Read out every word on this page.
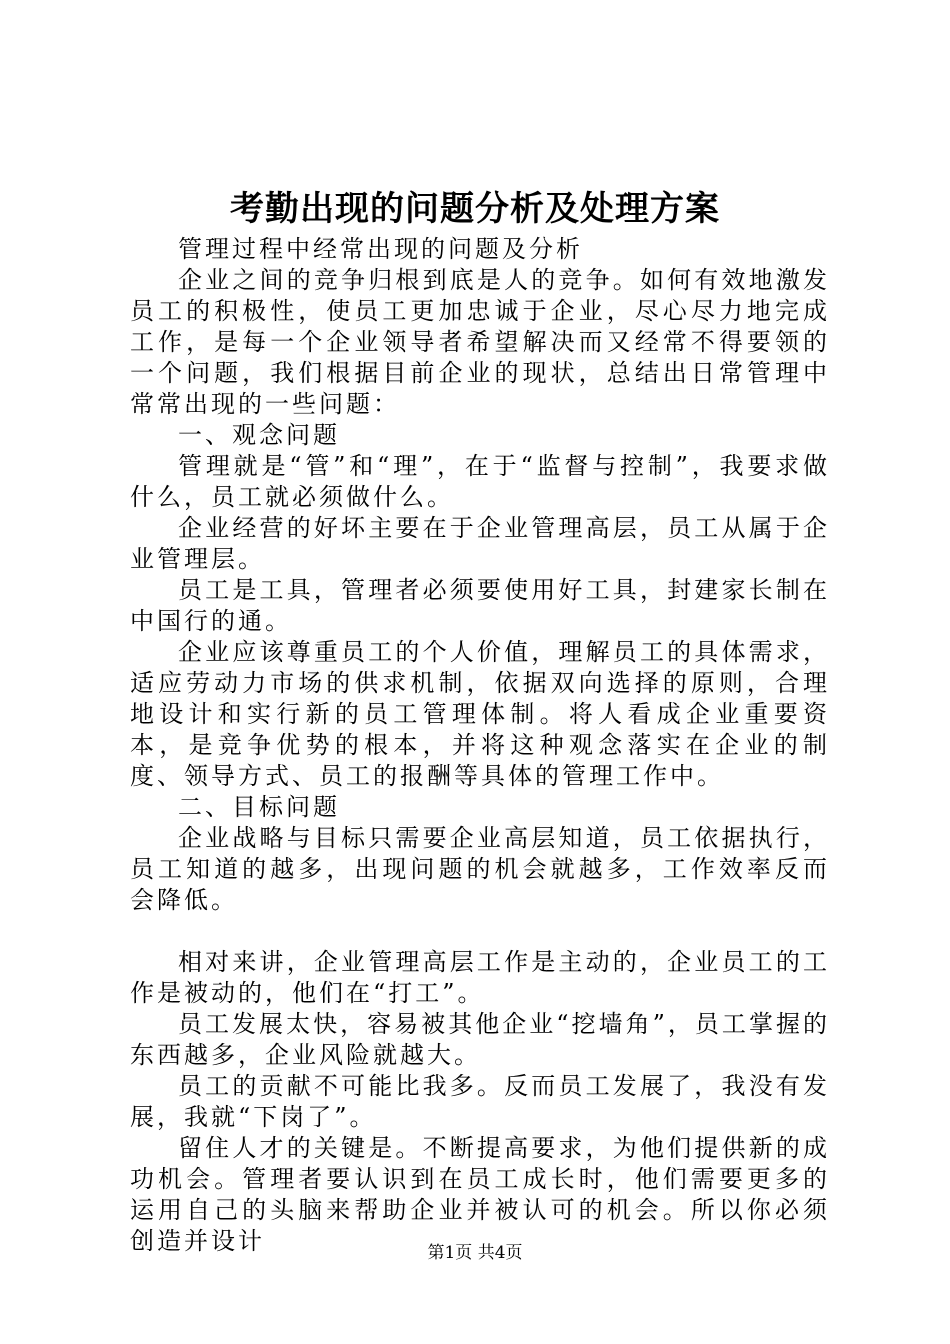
考勤出现的问题分析及处理方案

管理过程中经常出现的问题及分析

企业之间的竞争归根到底是人的竞争。如何有效地激发员工的积极性，使员工更加忠诚于企业，尽心尽力地完成工作，是每一个企业领导者希望解决而又经常不得要领的一个问题，我们根据目前企业的现状，总结出日常管理中常常出现的一些问题：

一、观念问题

管理就是“管”和“理”，在于“监督与控制”，我要求做什么，员工就必须做什么。

企业经营的好坏主要在于企业管理高层，员工从属于企业管理层。

员工是工具，管理者必须要使用好工具，封建家长制在中国行的通。

企业应该尊重员工的个人价值，理解员工的具体需求，适应劳动力市场的供求机制，依据双向选择的原则，合理地设计和实行新的员工管理体制。将人看成企业重要资本，是竞争优势的根本，并将这种观念落实在企业的制度、领导方式、员工的报酬等具体的管理工作中。

二、目标问题

企业战略与目标只需要企业高层知道，员工依据执行，员工知道的越多，出现问题的机会就越多，工作效率反而会降低。

相对来讲，企业管理高层工作是主动的，企业员工的工作是被动的，他们在“打工”。

员工发展太快，容易被其他企业“挖墙角”，员工掌握的东西越多，企业风险就越大。

员工的贡献不可能比我多。反而员工发展了，我没有发展，我就“下岗了”。

留住人才的关键是。不断提高要求，为他们提供新的成功机会。管理者要认识到在员工成长时，他们需要更多的运用自己的头脑来帮助企业并被认可的机会。所以你必须创造并设计	第1页 共4页
